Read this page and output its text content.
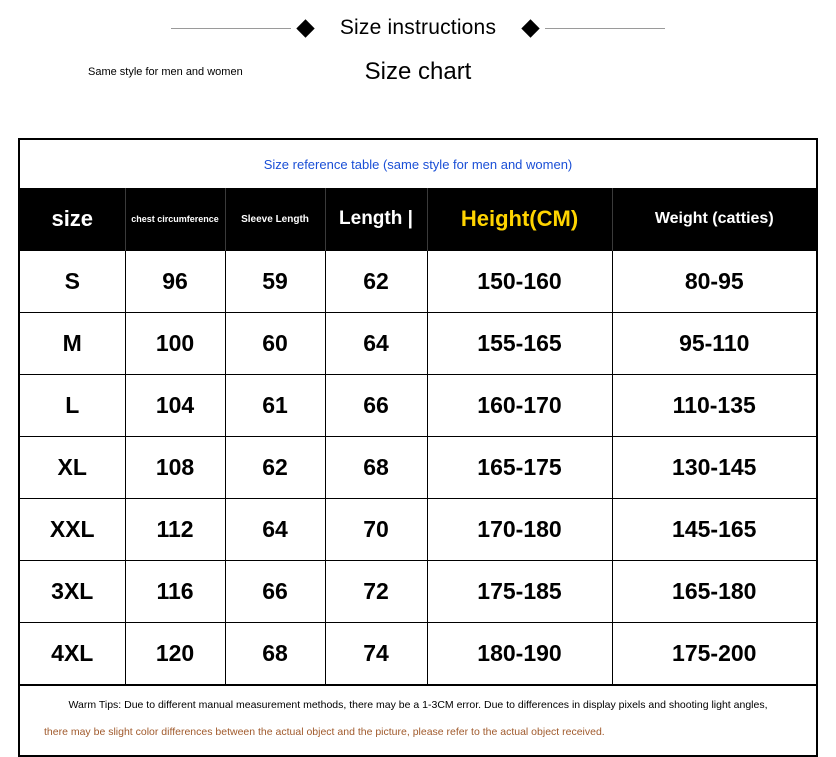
Size instructions
Size chart
Same style for men and women
Size reference table (same style for men and women)
size	chest circumference	Sleeve Length	Length |	Height(CM)	Weight (catties)
S	96	59	62	150-160	80-95
M	100	60	64	155-165	95-110
L	104	61	66	160-170	110-135
XL	108	62	68	165-175	130-145
XXL	112	64	70	170-180	145-165
3XL	116	66	72	175-185	165-180
4XL	120	68	74	180-190	175-200
Warm Tips: Due to different manual measurement methods, there may be a 1-3CM error. Due to differences in display pixels and shooting light angles,
there may be slight color differences between the actual object and the picture, please refer to the actual object received.
